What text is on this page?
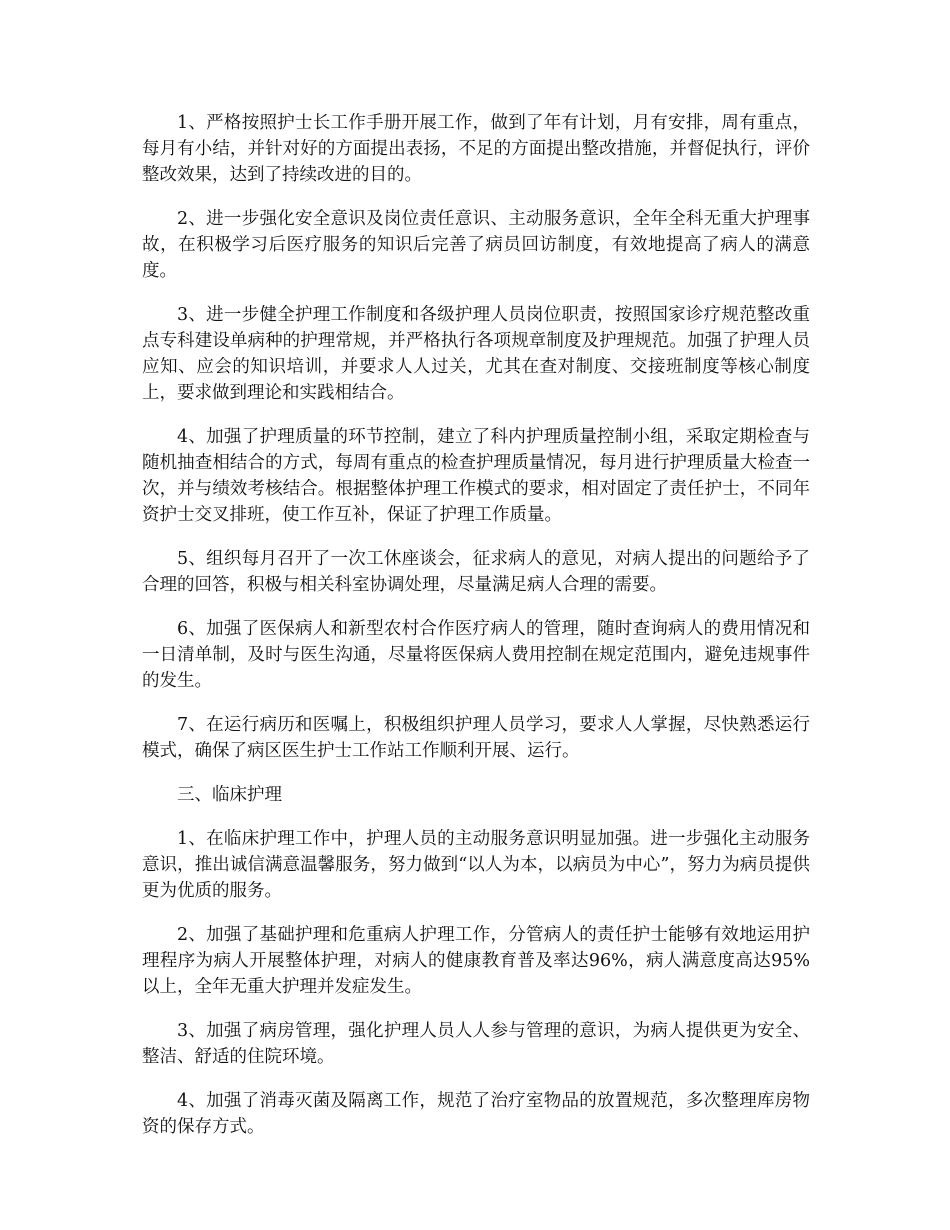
1、严格按照护士长工作手册开展工作，做到了年有计划，月有安排，周有重点，每月有小结，并针对好的方面提出表扬，不足的方面提出整改措施，并督促执行，评价整改效果，达到了持续改进的目的。

2、进一步强化安全意识及岗位责任意识、主动服务意识，全年全科无重大护理事故，在积极学习后医疗服务的知识后完善了病员回访制度，有效地提高了病人的满意度。

3、进一步健全护理工作制度和各级护理人员岗位职责，按照国家诊疗规范整改重点专科建设单病种的护理常规，并严格执行各项规章制度及护理规范。加强了护理人员应知、应会的知识培训，并要求人人过关，尤其在查对制度、交接班制度等核心制度上，要求做到理论和实践相结合。

4、加强了护理质量的环节控制，建立了科内护理质量控制小组，采取定期检查与随机抽查相结合的方式，每周有重点的检查护理质量情况，每月进行护理质量大检查一次，并与绩效考核结合。根据整体护理工作模式的要求，相对固定了责任护士，不同年资护士交叉排班，使工作互补，保证了护理工作质量。

5、组织每月召开了一次工休座谈会，征求病人的意见，对病人提出的问题给予了合理的回答，积极与相关科室协调处理，尽量满足病人合理的需要。

6、加强了医保病人和新型农村合作医疗病人的管理，随时查询病人的费用情况和一日清单制，及时与医生沟通，尽量将医保病人费用控制在规定范围内，避免违规事件的发生。

7、在运行病历和医嘱上，积极组织护理人员学习，要求人人掌握，尽快熟悉运行模式，确保了病区医生护士工作站工作顺利开展、运行。

三、临床护理

1、在临床护理工作中，护理人员的主动服务意识明显加强。进一步强化主动服务意识，推出诚信满意温馨服务，努力做到“以人为本，以病员为中心”，努力为病员提供更为优质的服务。

2、加强了基础护理和危重病人护理工作，分管病人的责任护士能够有效地运用护理程序为病人开展整体护理，对病人的健康教育普及率达96%，病人满意度高达95%以上，全年无重大护理并发症发生。

3、加强了病房管理，强化护理人员人人参与管理的意识，为病人提供更为安全、整洁、舒适的住院环境。

4、加强了消毒灭菌及隔离工作，规范了治疗室物品的放置规范，多次整理库房物资的保存方式。
